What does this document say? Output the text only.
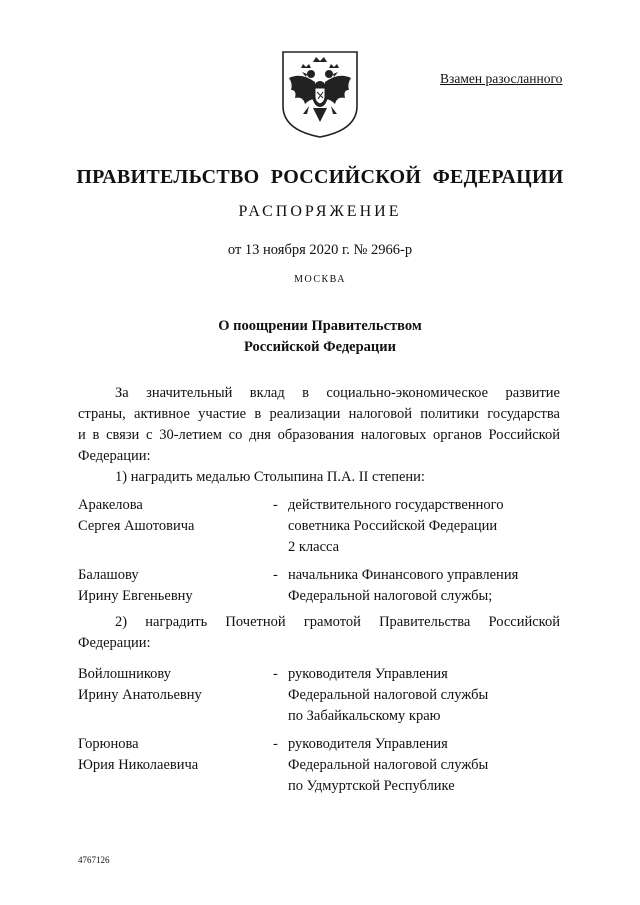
Взамен разосланного
ПРАВИТЕЛЬСТВО РОССИЙСКОЙ ФЕДЕРАЦИИ
РАСПОРЯЖЕНИЕ
от 13 ноября 2020 г. № 2966-р
МОСКВА
О поощрении Правительством
Российской Федерации

За значительный вклад в социально-экономическое развитие

страны, активное участие в реализации налоговой политики государства

и в связи с 30-летием со дня образования налоговых органов Российской

Федерации:

1) наградить медалью Столыпина П.А. II степени:
Аракелова
Сергея Ашотовича
- действительного государственного
советника Российской Федерации
2 класса
Балашову
Ирину Евгеньевну
- начальника Финансового управления
Федеральной налоговой службы;

2) наградить Почетной грамотой Правительства Российской

Федерации:

Войлошникову
Ирину Анатольевну
- руководителя Управления
Федеральной налоговой службы
по Забайкальскому краю
Горюнова
Юрия Николаевича
- руководителя Управления
Федеральной налоговой службы
по Удмуртской Республике
4767126
